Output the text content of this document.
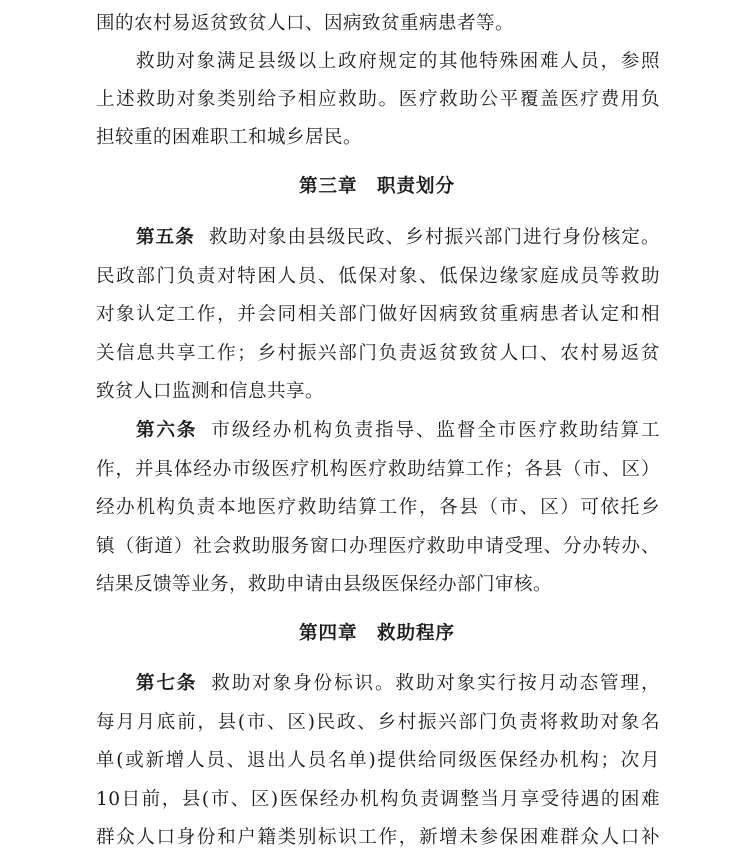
围的农村易返贫致贫人口、因病致贫重病患者等。
救助对象满足县级以上政府规定的其他特殊困难人员，参照
上述救助对象类别给予相应救助。医疗救助公平覆盖医疗费用负
担较重的困难职工和城乡居民。
第三章　职责划分
第五条 救助对象由县级民政、乡村振兴部门进行身份核定。
民政部门负责对特困人员、低保对象、低保边缘家庭成员等救助
对象认定工作，并会同相关部门做好因病致贫重病患者认定和相
关信息共享工作；乡村振兴部门负责返贫致贫人口、农村易返贫
致贫人口监测和信息共享。
第六条 市级经办机构负责指导、监督全市医疗救助结算工
作，并具体经办市级医疗机构医疗救助结算工作；各县（市、区）
经办机构负责本地医疗救助结算工作，各县（市、区）可依托乡
镇（街道）社会救助服务窗口办理医疗救助申请受理、分办转办、
结果反馈等业务，救助申请由县级医保经办部门审核。
第四章　救助程序
第七条 救助对象身份标识。救助对象实行按月动态管理，
每月月底前，县(市、区)民政、乡村振兴部门负责将救助对象名
单(或新增人员、退出人员名单)提供给同级医保经办机构；次月
10日前，县(市、区)医保经办机构负责调整当月享受待遇的困难
群众人口身份和户籍类别标识工作，新增未参保困难群众人口补
